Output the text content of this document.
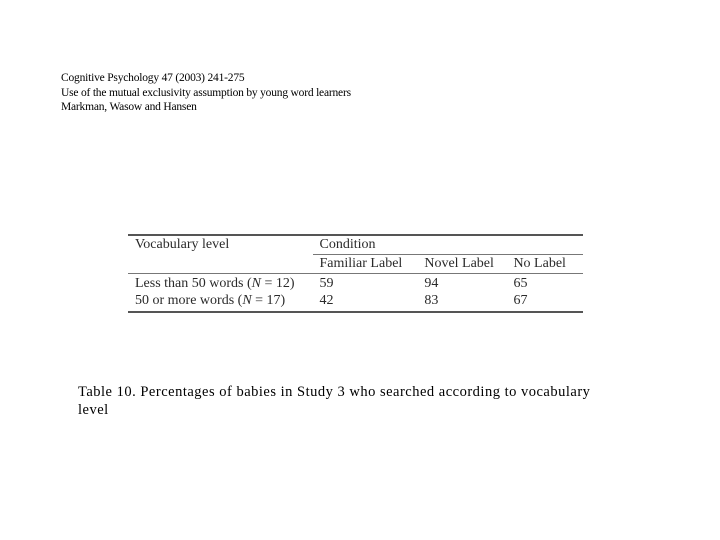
Cognitive Psychology 47 (2003) 241-275
Use of the mutual exclusivity assumption by young word learners
Markman, Wasow and Hansen
Vocabulary level	Condition		
	Familiar Label	Novel Label	No Label
Less than 50 words (N = 12)	59	94	65
50 or more words (N = 17)	42	83	67
Table 10. Percentages of babies in Study 3 who searched according to vocabulary level
